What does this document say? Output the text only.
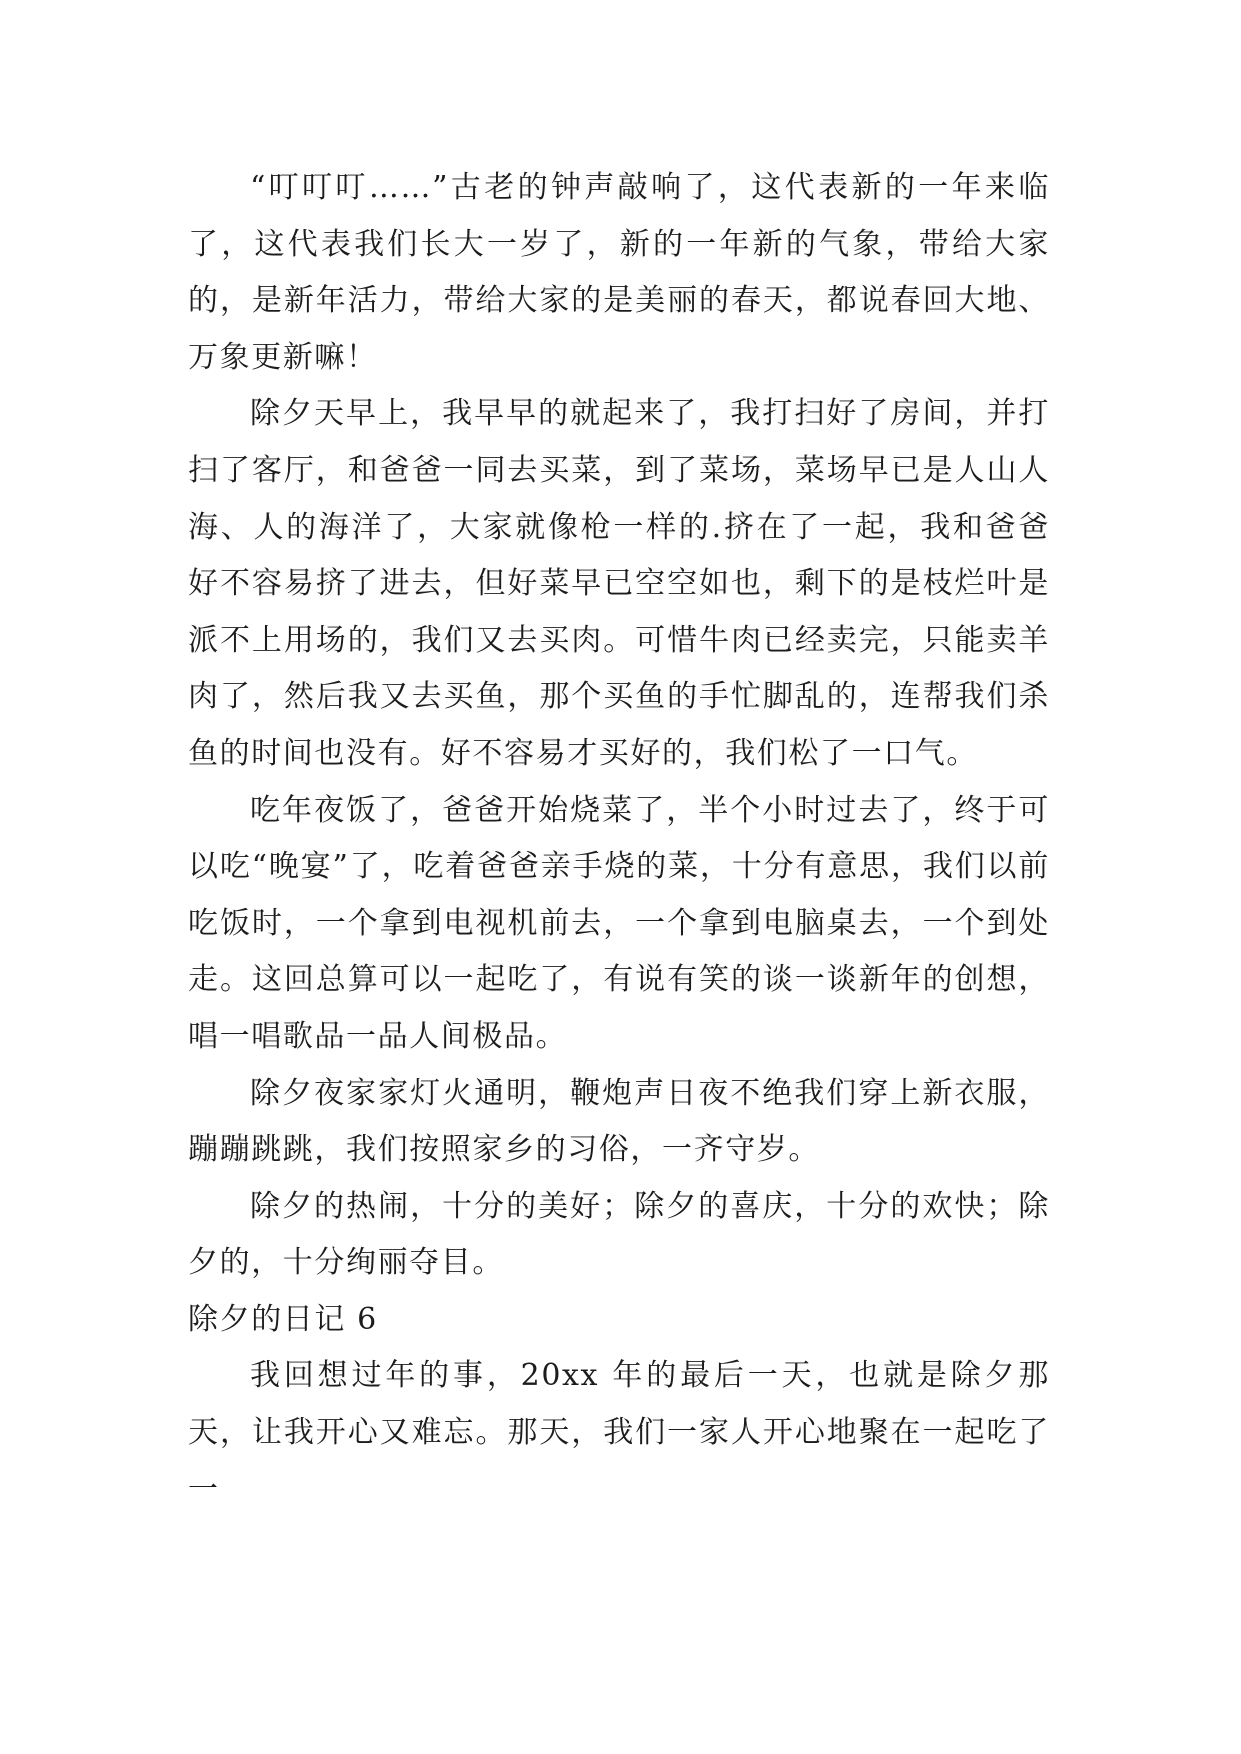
“叮叮叮……”古老的钟声敲响了，这代表新的一年来临了，这代表我们长大一岁了，新的一年新的气象，带给大家的，是新年活力，带给大家的是美丽的春天，都说春回大地、万象更新嘛！

除夕天早上，我早早的就起来了，我打扫好了房间，并打扫了客厅，和爸爸一同去买菜，到了菜场，菜场早已是人山人海、人的海洋了，大家就像枪一样的.挤在了一起，我和爸爸好不容易挤了进去，但好菜早已空空如也，剩下的是枝烂叶是派不上用场的，我们又去买肉。可惜牛肉已经卖完，只能卖羊肉了，然后我又去买鱼，那个买鱼的手忙脚乱的，连帮我们杀鱼的时间也没有。好不容易才买好的，我们松了一口气。

吃年夜饭了，爸爸开始烧菜了，半个小时过去了，终于可以吃“晚宴”了，吃着爸爸亲手烧的菜，十分有意思，我们以前吃饭时，一个拿到电视机前去，一个拿到电脑桌去，一个到处走。这回总算可以一起吃了，有说有笑的谈一谈新年的创想，唱一唱歌品一品人间极品。

除夕夜家家灯火通明，鞭炮声日夜不绝我们穿上新衣服，蹦蹦跳跳，我们按照家乡的习俗，一齐守岁。

除夕的热闹，十分的美好；除夕的喜庆，十分的欢快；除夕的，十分绚丽夺目。

除夕的日记 6

我回想过年的事，20xx 年的最后一天，也就是除夕那天，让我开心又难忘。那天，我们一家人开心地聚在一起吃了一
